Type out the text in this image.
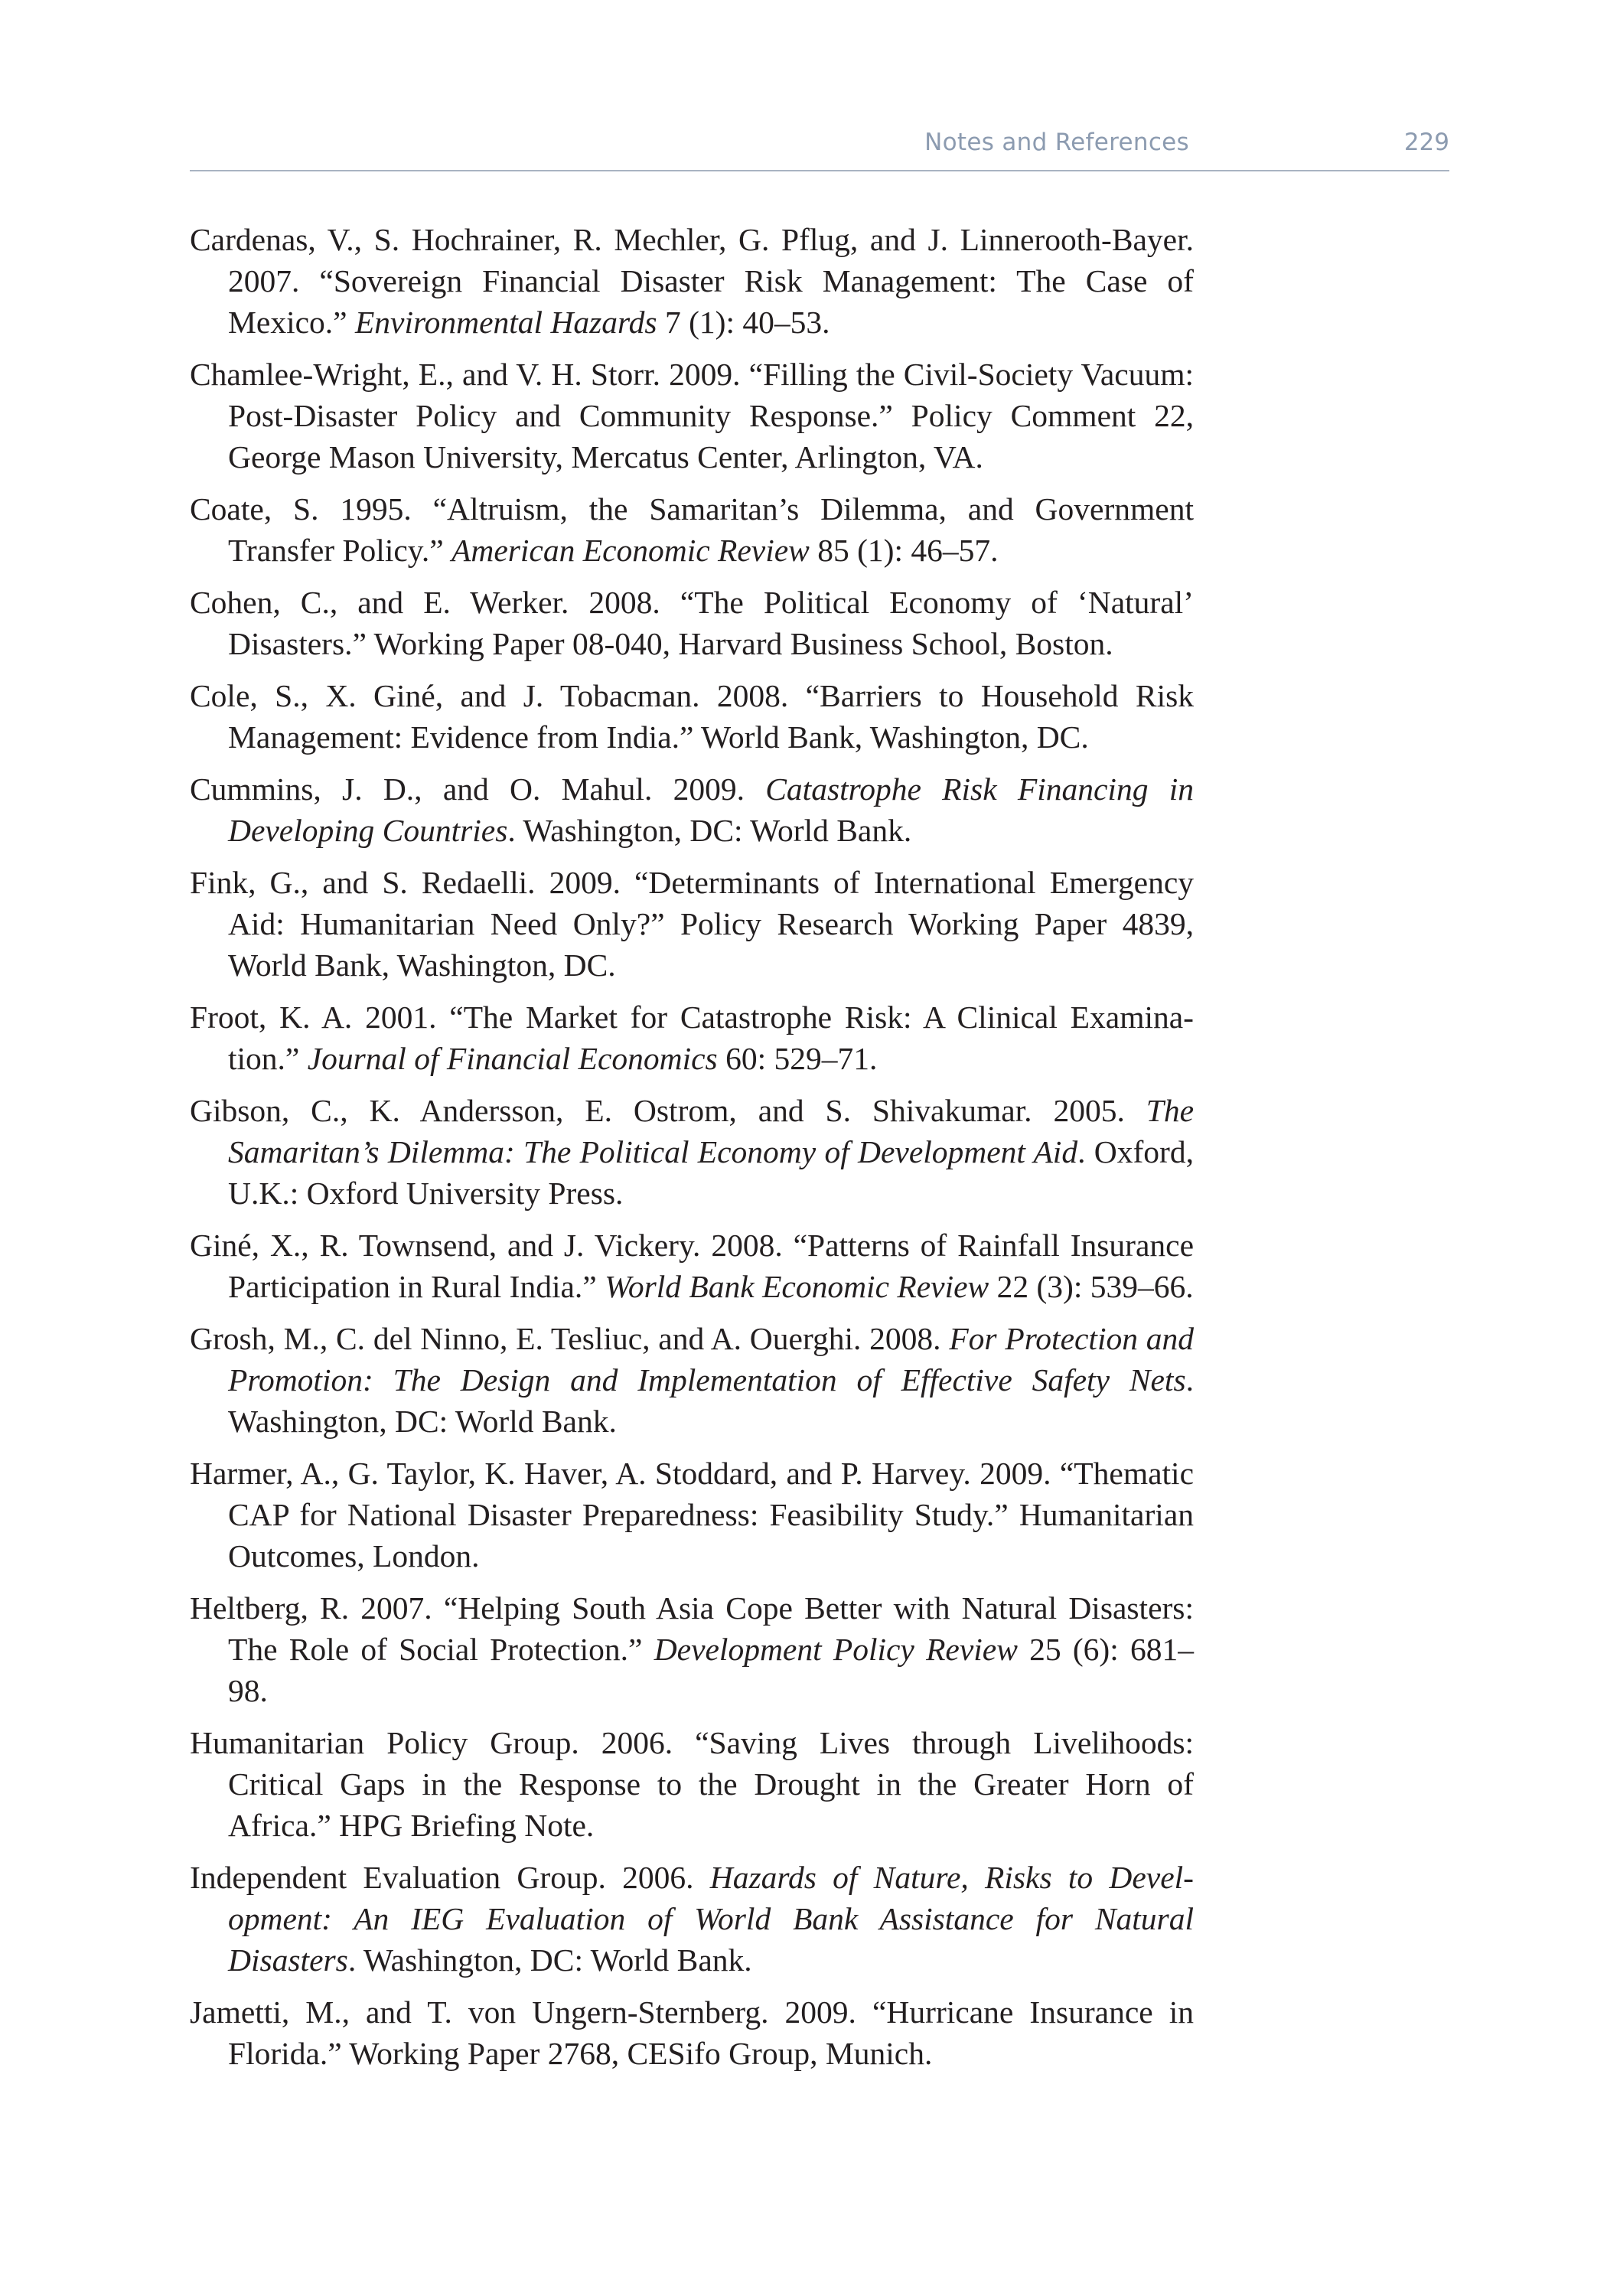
Notes and References	229
Cardenas, V., S. Hochrainer, R. Mechler, G. Pflug, and J. Linnerooth-Bayer. 2007. “Sovereign Financial Disaster Risk Management: The Case of Mexico.” Environmental Hazards 7 (1): 40–53.
Chamlee-Wright, E., and V. H. Storr. 2009. “Filling the Civil-Society Vacuum: Post-Disaster Policy and Community Response.” Policy Comment 22, George Mason University, Mercatus Center, Arlington, VA.
Coate, S. 1995. “Altruism, the Samaritan’s Dilemma, and Government Transfer Policy.” American Economic Review 85 (1): 46–57.
Cohen, C., and E. Werker. 2008. “The Political Economy of ‘Natural’ Disasters.” Working Paper 08-040, Harvard Business School, Boston.
Cole, S., X. Giné, and J. Tobacman. 2008. “Barriers to Household Risk Management: Evidence from India.” World Bank, Washington, DC.
Cummins, J. D., and O. Mahul. 2009. Catastrophe Risk Financing in Developing Countries. Washington, DC: World Bank.
Fink, G., and S. Redaelli. 2009. “Determinants of International Emergency Aid: Humanitarian Need Only?” Policy Research Working Paper 4839, World Bank, Washington, DC.
Froot, K. A. 2001. “The Market for Catastrophe Risk: A Clinical Examination.” Journal of Financial Economics 60: 529–71.
Gibson, C., K. Andersson, E. Ostrom, and S. Shivakumar. 2005. The Samaritan’s Dilemma: The Political Economy of Development Aid. Oxford, U.K.: Oxford University Press.
Giné, X., R. Townsend, and J. Vickery. 2008. “Patterns of Rainfall Insurance Participation in Rural India.” World Bank Economic Review 22 (3): 539–66.
Grosh, M., C. del Ninno, E. Tesliuc, and A. Ouerghi. 2008. For Protection and Promotion: The Design and Implementation of Effective Safety Nets. Washington, DC: World Bank.
Harmer, A., G. Taylor, K. Haver, A. Stoddard, and P. Harvey. 2009. “Thematic CAP for National Disaster Preparedness: Feasibility Study.” Humanitarian Outcomes, London.
Heltberg, R. 2007. “Helping South Asia Cope Better with Natural Disasters: The Role of Social Protection.” Development Policy Review 25 (6): 681–98.
Humanitarian Policy Group. 2006. “Saving Lives through Livelihoods: Critical Gaps in the Response to the Drought in the Greater Horn of Africa.” HPG Briefing Note.
Independent Evaluation Group. 2006. Hazards of Nature, Risks to Development: An IEG Evaluation of World Bank Assistance for Natural Disasters. Washington, DC: World Bank.
Jametti, M., and T. von Ungern-Sternberg. 2009. “Hurricane Insurance in Florida.” Working Paper 2768, CESifo Group, Munich.
